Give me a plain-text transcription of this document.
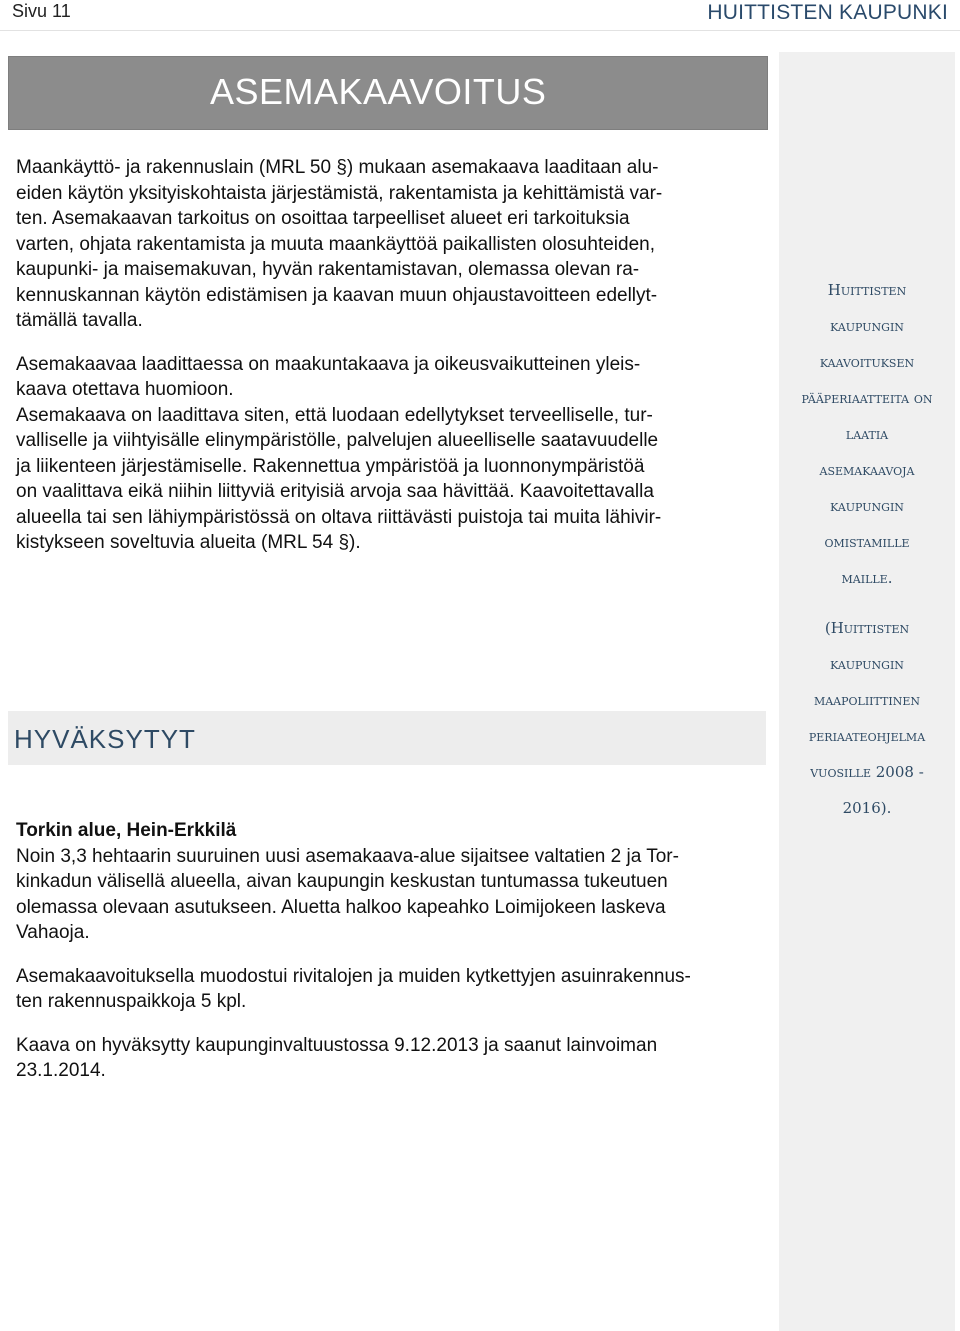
Sivu 11	HUITTISTEN KAUPUNKI
ASEMAKAAVOITUS
Huittisten
kaupungin
kaavoituksen
pääperiaatteita on
laatia
asemakaavoja
kaupungin
omistamille
maille.
(Huittisten
kaupungin
maapoliittinen
periaateohjelma
vuosille 2008 -
2016).

Maankäyttö- ja rakennuslain (MRL 50 §) mukaan asemakaava laaditaan alu-
eiden käytön yksityiskohtaista järjestämistä, rakentamista ja kehittämistä var-
ten. Asemakaavan tarkoitus on osoittaa tarpeelliset alueet eri tarkoituksia
varten, ohjata rakentamista ja muuta maankäyttöä paikallisten olosuhteiden,
kaupunki- ja maisemakuvan, hyvän rakentamistavan, olemassa olevan ra-
kennuskannan käytön edistämisen ja kaavan muun ohjaustavoitteen edellyt-
tämällä tavalla.

Asemakaavaa laadittaessa on maakuntakaava ja oikeusvaikutteinen yleis-
kaava otettava huomioon.
Asemakaava on laadittava siten, että luodaan edellytykset terveelliselle, tur-
valliselle ja viihtyisälle elinympäristölle, palvelujen alueelliselle saatavuudelle
ja liikenteen järjestämiselle. Rakennettua ympäristöä ja luonnonympäristöä
on vaalittava eikä niihin liittyviä erityisiä arvoja saa hävittää. Kaavoitettavalla
alueella tai sen lähiympäristössä on oltava riittävästi puistoja tai muita lähivir-
kistykseen soveltuvia alueita (MRL 54 §).

HYVÄKSYTYT

Torkin alue, Hein-Erkkilä

Noin 3,3 hehtaarin suuruinen uusi asemakaava-alue sijaitsee valtatien 2 ja Tor-
kinkadun välisellä alueella, aivan kaupungin keskustan tuntumassa tukeutuen
olemassa olevaan asutukseen. Aluetta halkoo kapeahko Loimijokeen laskeva
Vahaoja.

Asemakaavoituksella muodostui rivitalojen ja muiden kytkettyjen asuinrakennus-
ten rakennuspaikkoja 5 kpl.

Kaava on hyväksytty kaupunginvaltuustossa 9.12.2013 ja saanut lainvoiman
23.1.2014.
